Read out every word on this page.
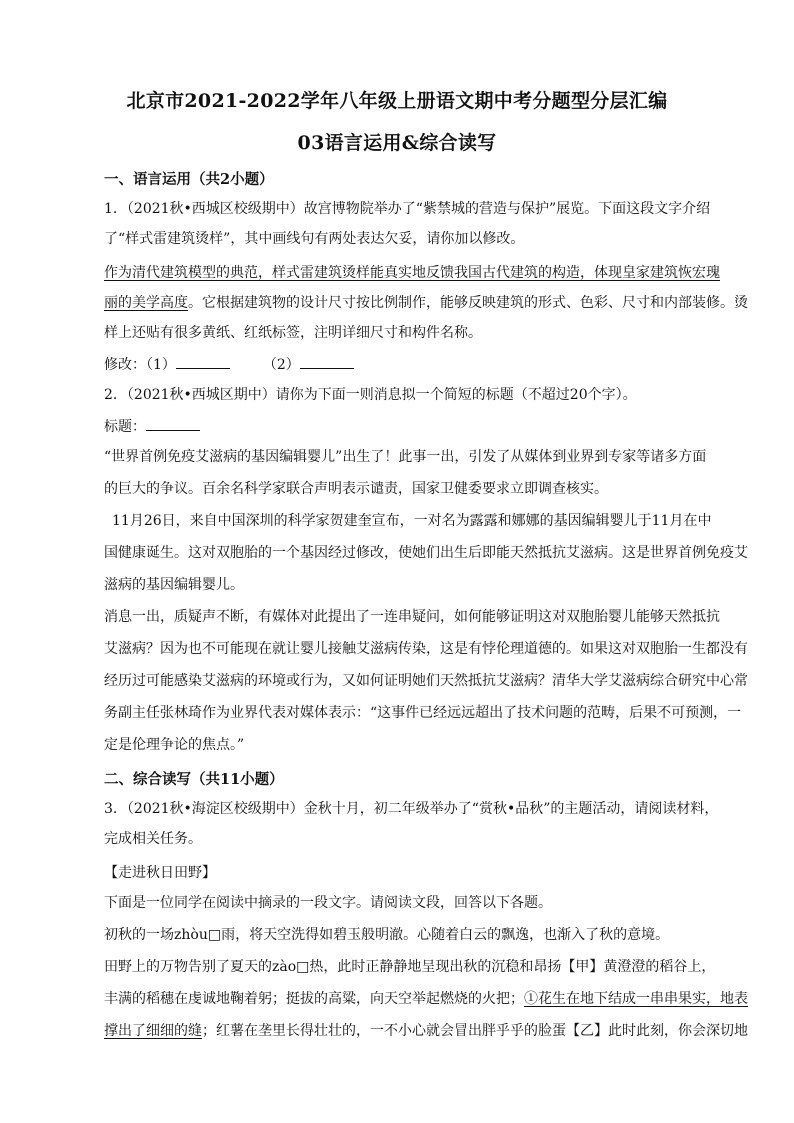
北京市2021-2022学年八年级上册语文期中考分题型分层汇编
03语言运用&综合读写
一、语言运用（共2小题）
1．（2021秋•西城区校级期中）故宫博物院举办了“紫禁城的营造与保护”展览。下面这段文字介绍
了“样式雷建筑烫样”，其中画线句有两处表达欠妥，请你加以修改。
作为清代建筑模型的典范，样式雷建筑烫样能真实地反馈我国古代建筑的构造，体现皇家建筑恢宏瑰
丽的美学高度。它根据建筑物的设计尺寸按比例制作，能够反映建筑的形式、色彩、尺寸和内部装修。烫
样上还贴有很多黄纸、红纸标签，注明详细尺寸和构件名称。
修改：（1）	（2）
2．（2021秋•西城区期中）请你为下面一则消息拟一个简短的标题（不超过20个字）。
标题：
“世界首例免疫艾滋病的基因编辑婴儿”出生了！此事一出，引发了从媒体到业界到专家等诸多方面
的巨大的争议。百余名科学家联合声明表示谴责，国家卫健委要求立即调查核实。
11月26日，来自中国深圳的科学家贺建奎宣布，一对名为露露和娜娜的基因编辑婴儿于11月在中
国健康诞生。这对双胞胎的一个基因经过修改，使她们出生后即能天然抵抗艾滋病。这是世界首例免疫艾
滋病的基因编辑婴儿。
消息一出，质疑声不断，有媒体对此提出了一连串疑问，如何能够证明这对双胞胎婴儿能够天然抵抗
艾滋病？因为也不可能现在就让婴儿接触艾滋病传染，这是有悖伦理道德的。如果这对双胞胎一生都没有
经历过可能感染艾滋病的环境或行为，又如何证明她们天然抵抗艾滋病？清华大学艾滋病综合研究中心常
务副主任张林琦作为业界代表对媒体表示：“这事件已经远远超出了技术问题的范畴，后果不可预测，一
定是伦理争论的焦点。”
二、综合读写（共11小题）
3．（2021秋•海淀区校级期中）金秋十月，初二年级举办了“赏秋•品秋”的主题活动，请阅读材料，
完成相关任务。
【走进秋日田野】
下面是一位同学在阅读中摘录的一段文字。请阅读文段，回答以下各题。
初秋的一场zhòu□雨，将天空洗得如碧玉般明澈。心随着白云的飘逸，也渐入了秋的意境。
田野上的万物告别了夏天的zào□热，此时正静静地呈现出秋的沉稳和昂扬【甲】黄澄澄的稻谷上，
丰满的稻穗在虔诚地鞠着躬；挺拔的高粱，向天空举起燃烧的火把；①花生在地下结成一串串果实，地表
撑出了细细的缝；红薯在垄里长得壮壮的，一不小心就会冒出胖乎乎的脸蛋【乙】此时此刻，你会深切地
